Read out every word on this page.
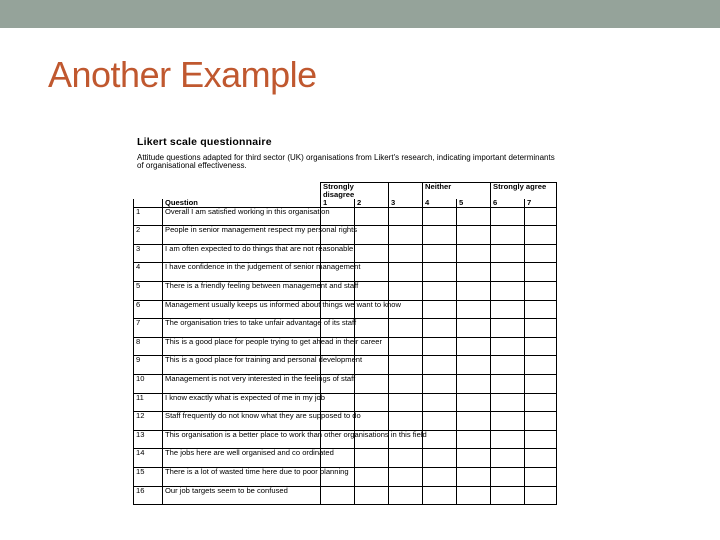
Another Example

Likert scale questionnaire

Attitude questions adapted for third sector (UK) organisations from Likert's research, indicating important determinants of organisational effectiveness.

		Strongly disagree			Neither		Strongly agree	
	Question	1	2	3	4	5	6	7
1	Overall I am satisfied working in this organisation							
2	People in senior management respect my personal rights							
3	I am often expected to do things that are not reasonable							
4	I have confidence in the judgement of senior management							
5	There is a friendly feeling between management and staff							
6	Management usually keeps us informed about things we want to know							
7	The organisation tries to take unfair advantage of its staff							
8	This is a good place for people trying to get ahead in their career							
9	This is a good place for training and personal development							
10	Management is not very interested in the feelings of staff							
11	I know exactly what is expected of me in my job							
12	Staff frequently do not know what they are supposed to do							
13	This organisation is a better place to work than other organisations in this field							
14	The jobs here are well organised and co ordinated							
15	There is a lot of wasted time here due to poor planning							
16	Our job targets seem to be confused							
